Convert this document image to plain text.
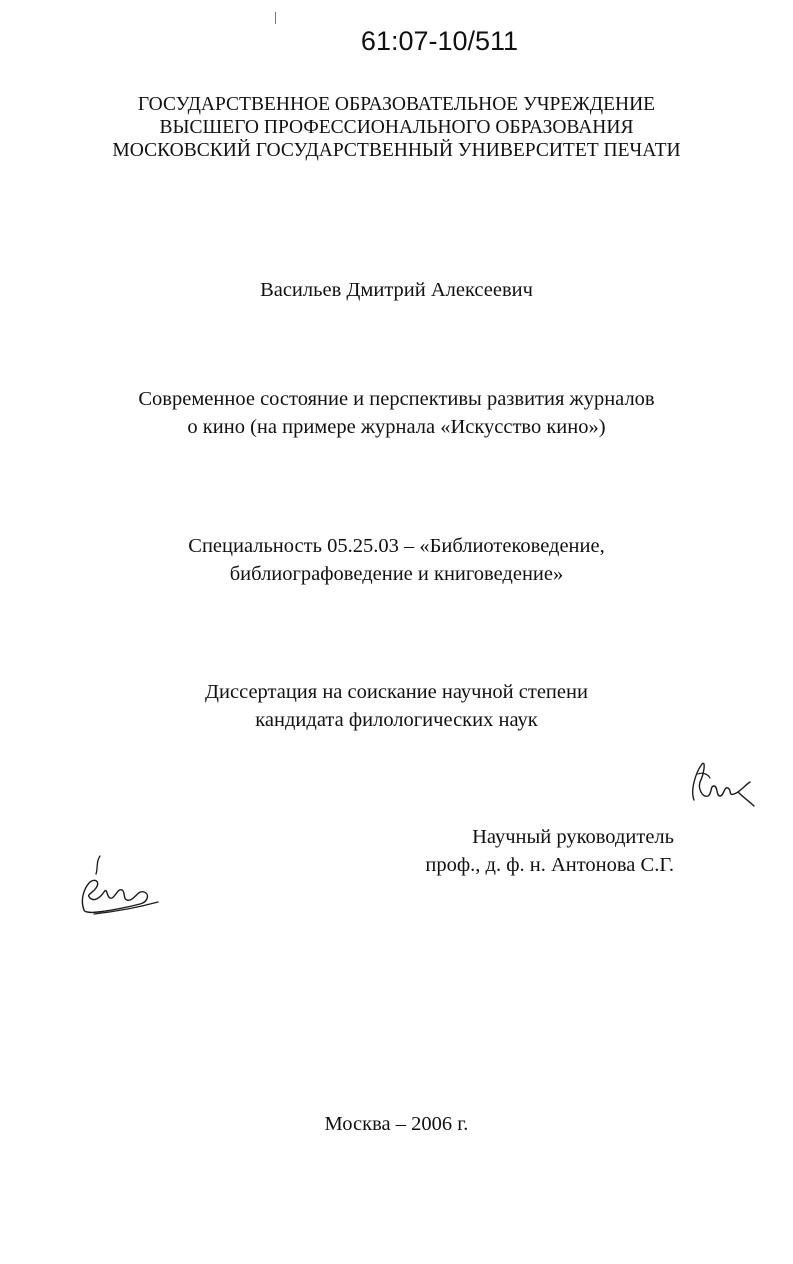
61:07-10/511
ГОСУДАРСТВЕННОЕ ОБРАЗОВАТЕЛЬНОЕ УЧРЕЖДЕНИЕ
ВЫСШЕГО ПРОФЕССИОНАЛЬНОГО ОБРАЗОВАНИЯ
МОСКОВСКИЙ ГОСУДАРСТВЕННЫЙ УНИВЕРСИТЕТ ПЕЧАТИ
Васильев Дмитрий Алексеевич
Современное состояние и перспективы развития журналов
о кино (на примере журнала «Искусство кино»)
Специальность 05.25.03 – «Библиотековедение,
библиографоведение и книговедение»
Диссертация на соискание научной степени
кандидата филологических наук
Научный руководитель
проф., д. ф. н. Антонова С.Г.
Москва – 2006 г.
